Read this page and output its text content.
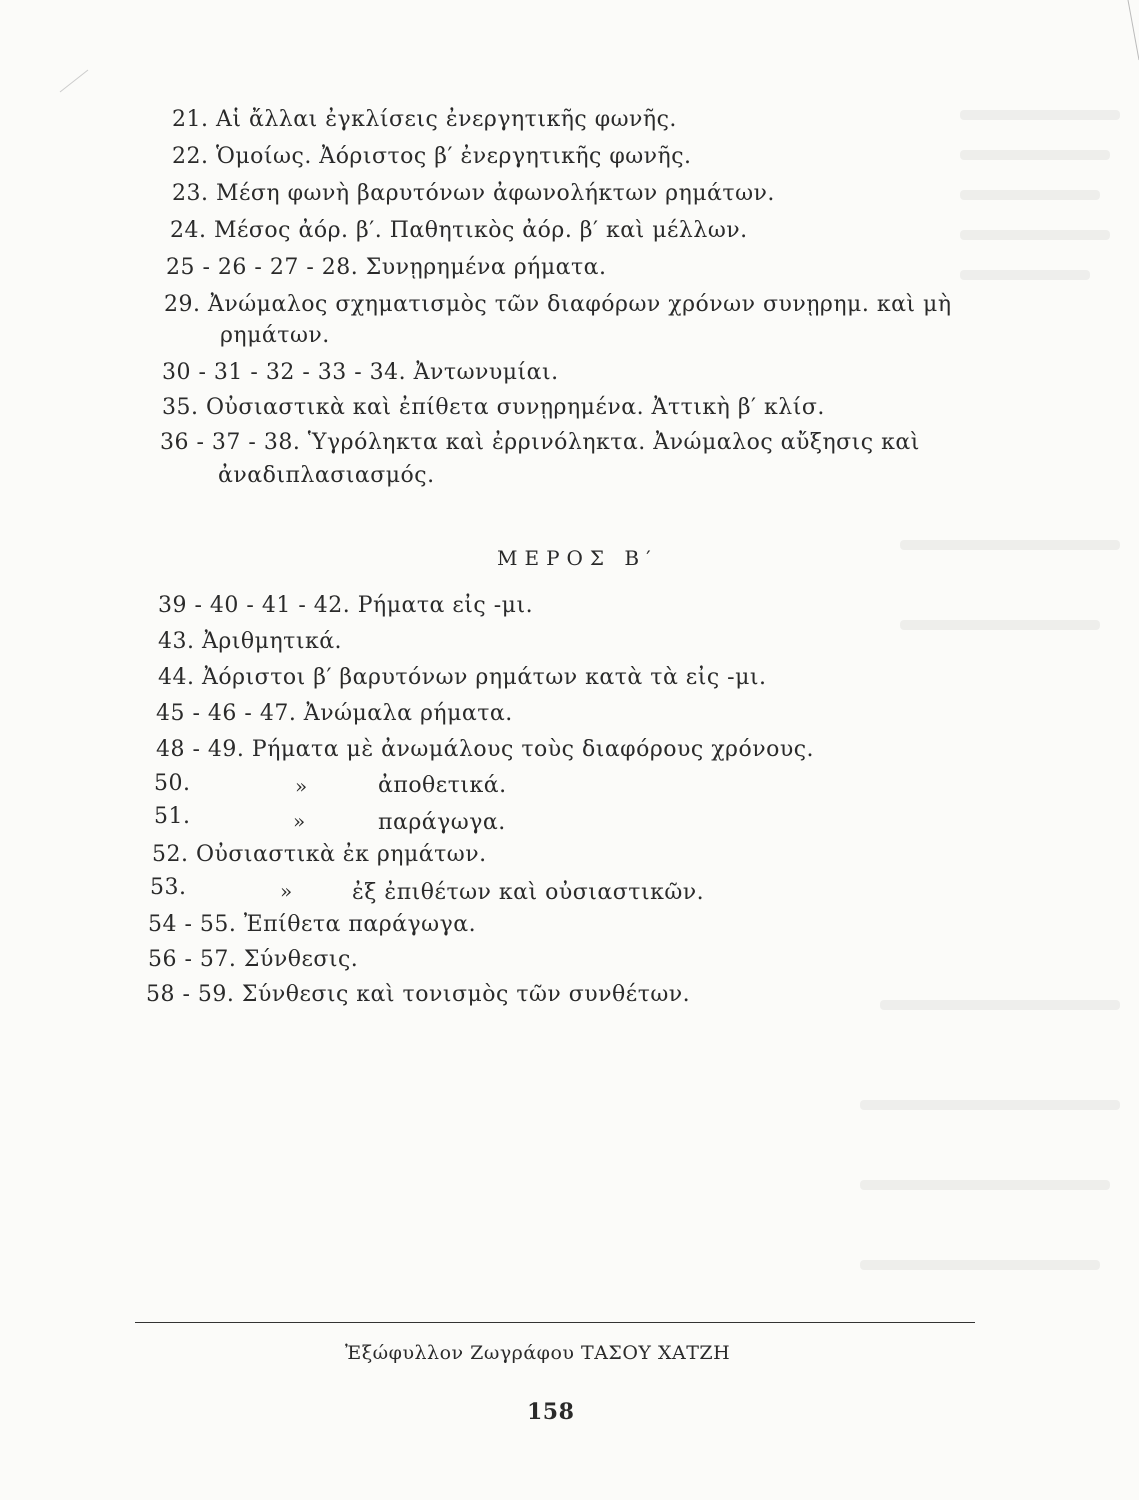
21. Αἱ ἄλλαι ἐγκλίσεις ἐνεργητικῆς φωνῆς.
22. Ὁμοίως. Ἀόριστος β′ ἐνεργητικῆς φωνῆς.
23. Μέση φωνὴ βαρυτόνων ἀφωνολήκτων ρημάτων.
24. Μέσος ἀόρ. β′. Παθητικὸς ἀόρ. β′ καὶ μέλλων.
25 - 26 - 27 - 28. Συνῃρημένα ρήματα.
29. Ἀνώμαλος σχηματισμὸς τῶν διαφόρων χρόνων συνῃρημ. καὶ μὴ
ρημάτων.
30 - 31 - 32 - 33 - 34. Ἀντωνυμίαι.
35. Οὐσιαστικὰ καὶ ἐπίθετα συνῃρημένα. Ἀττικὴ β′ κλίσ.
36 - 37 - 38. Ὑγρόληκτα καὶ ἐρρινόληκτα. Ἀνώμαλος αὔξησις καὶ
ἀναδιπλασιασμός.
ΜΕΡΟΣ Β′
39 - 40 - 41 - 42. Ρήματα εἰς -μι.
43. Ἀριθμητικά.
44. Ἀόριστοι β′ βαρυτόνων ρημάτων κατὰ τὰ εἰς -μι.
45 - 46 - 47. Ἀνώμαλα ρήματα.
48 - 49. Ρήματα μὲ ἀνωμάλους τοὺς διαφόρους χρόνους.
50.	»	ἀποθετικά.
51.	»	παράγωγα.
52. Οὐσιαστικὰ ἐκ ρημάτων.
53.	»	ἐξ ἐπιθέτων καὶ οὐσιαστικῶν.
54 - 55. Ἐπίθετα παράγωγα.
56 - 57. Σύνθεσις.
58 - 59. Σύνθεσις καὶ τονισμὸς τῶν συνθέτων.
Ἐξώφυλλον Ζωγράφου ΤΑΣΟΥ ΧΑΤΖΗ
158
